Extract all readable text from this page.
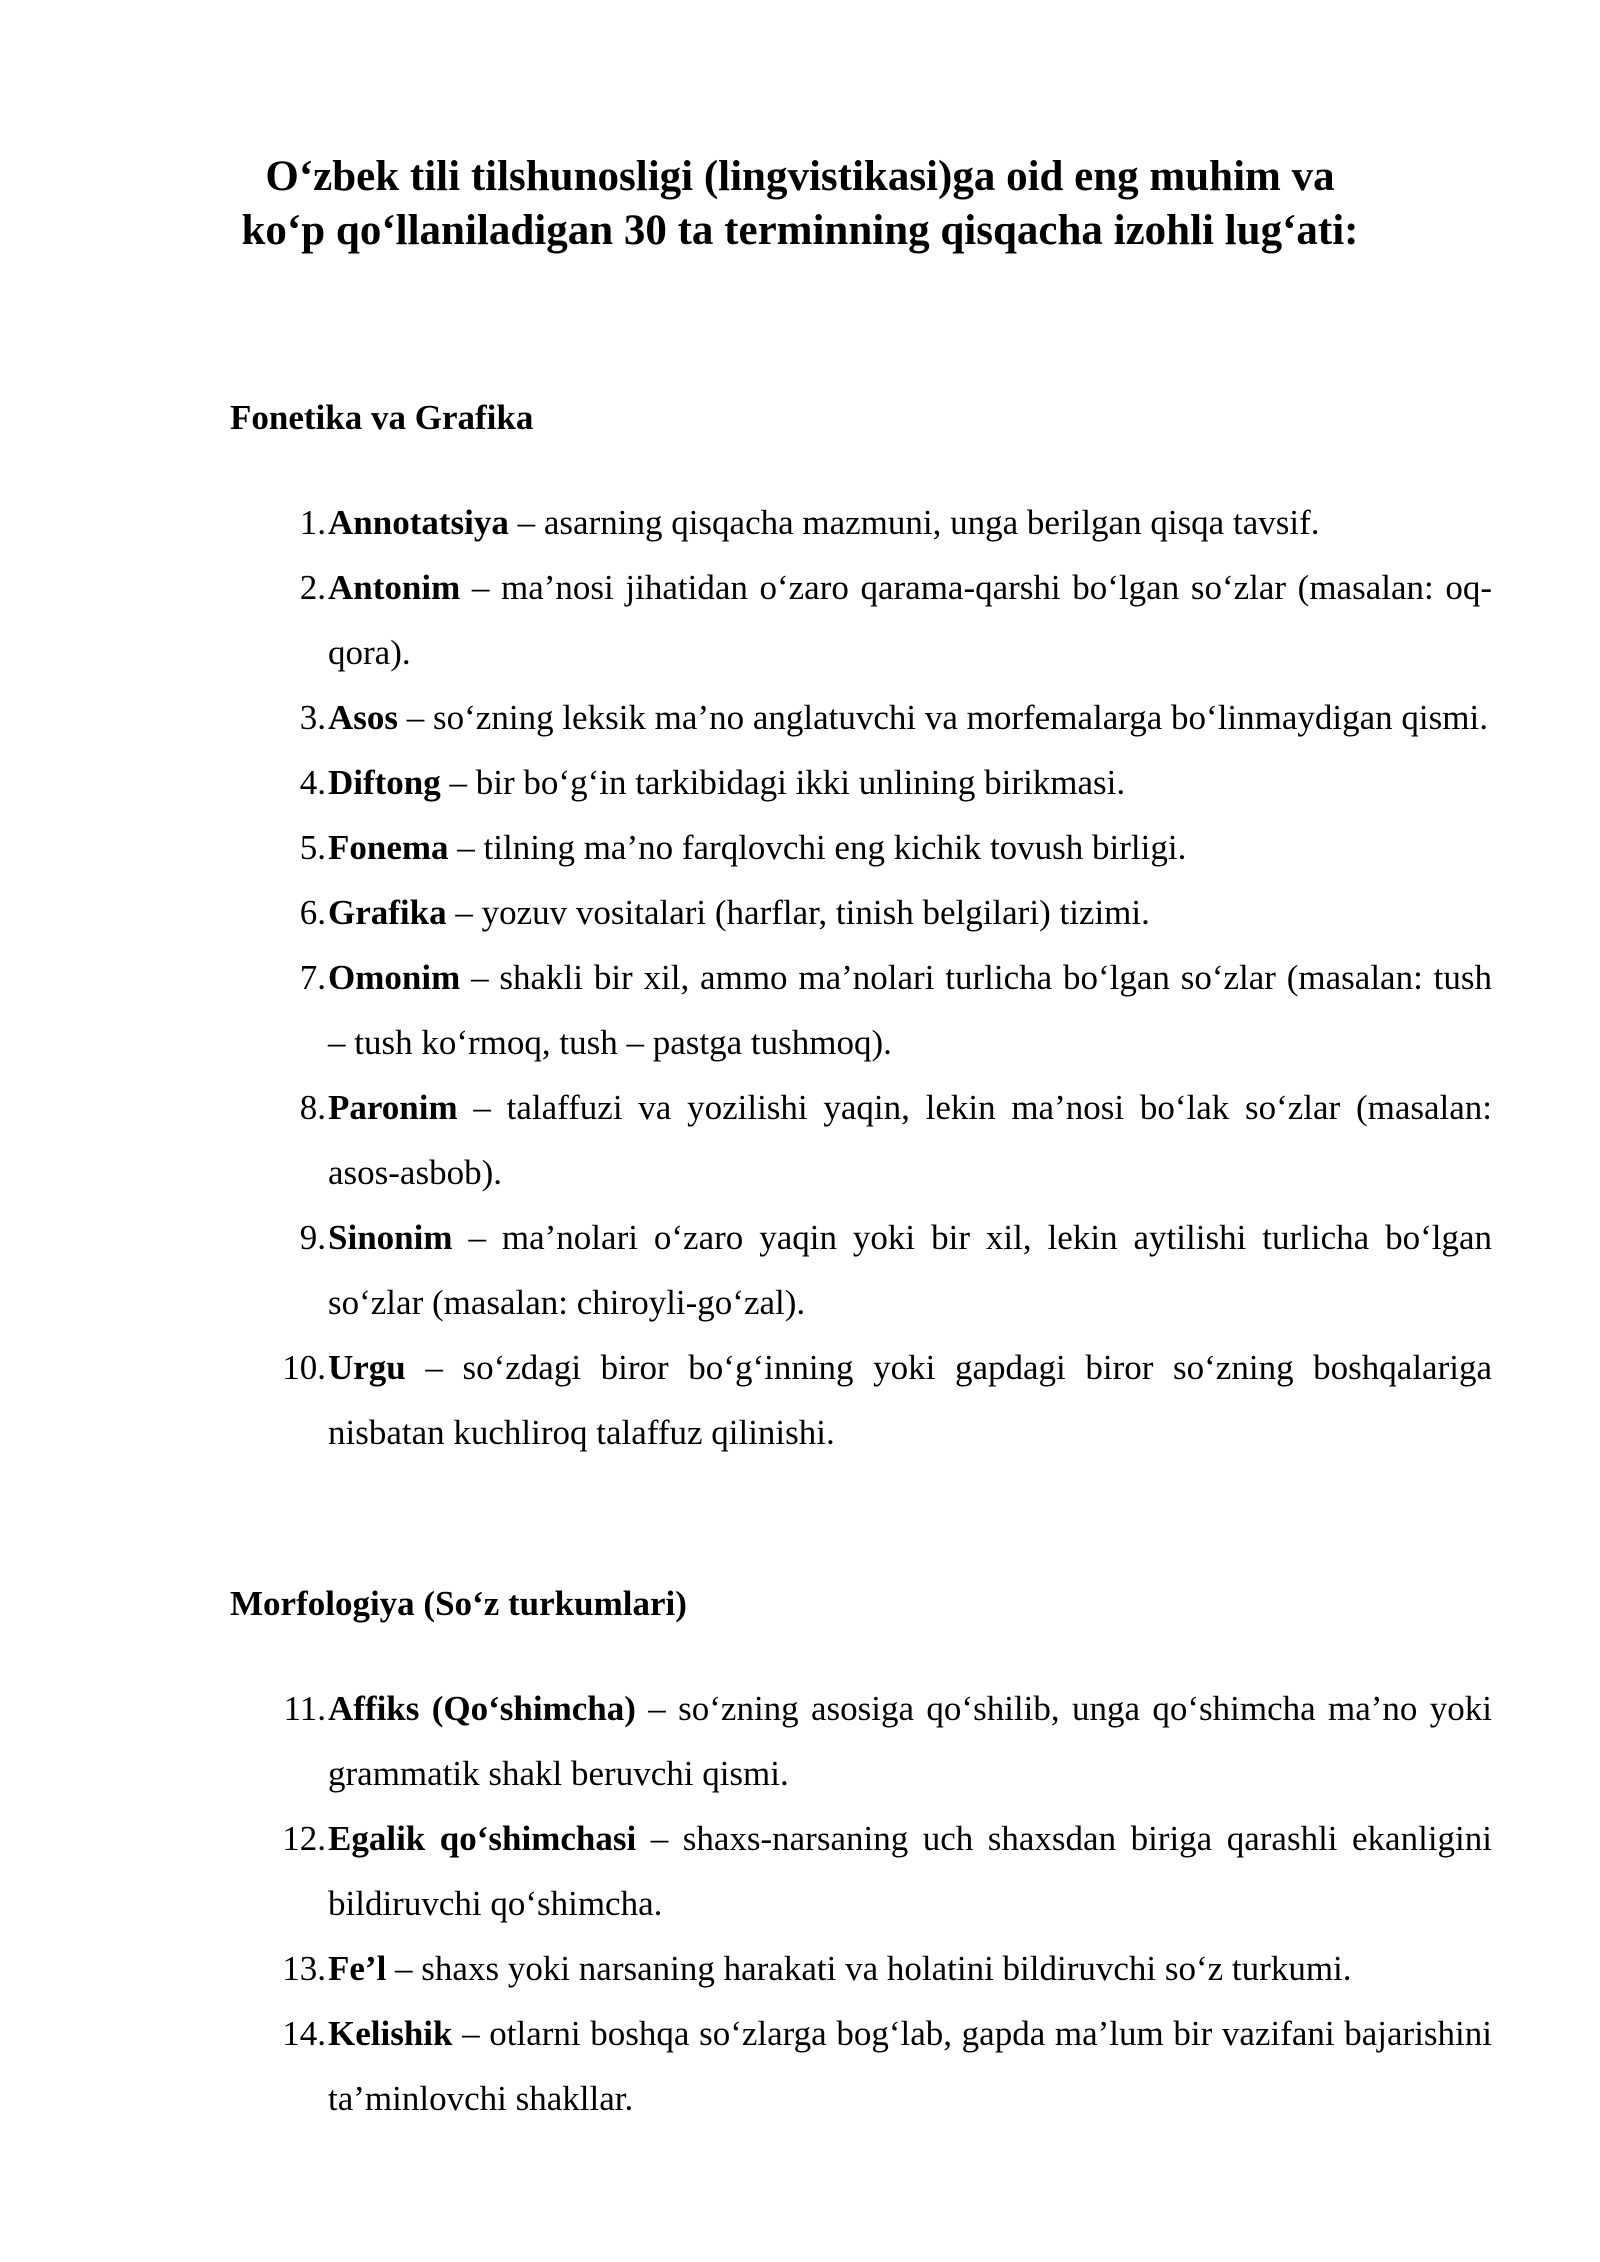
O‘zbek tili tilshunosligi (lingvistikasi)ga oid eng muhim va
ko‘p qo‘llaniladigan 30 ta terminning qisqacha izohli lug‘ati:
Fonetika va Grafika
1. Annotatsiya – asarning qisqacha mazmuni, unga berilgan qisqa tavsif.
2. Antonim – ma’nosi jihatidan o‘zaro qarama-qarshi bo‘lgan so‘zlar (masalan: oq-qora).
3. Asos – so‘zning leksik ma’no anglatuvchi va morfemalarga bo‘linmaydigan qismi.
4. Diftong – bir bo‘g‘in tarkibidagi ikki unlining birikmasi.
5. Fonema – tilning ma’no farqlovchi eng kichik tovush birligi.
6. Grafika – yozuv vositalari (harflar, tinish belgilari) tizimi.
7. Omonim – shakli bir xil, ammo ma’nolari turlicha bo‘lgan so‘zlar (masalan: tush – tush ko‘rmoq, tush – pastga tushmoq).
8. Paronim – talaffuzi va yozilishi yaqin, lekin ma’nosi bo‘lak so‘zlar (masalan: asos-asbob).
9. Sinonim – ma’nolari o‘zaro yaqin yoki bir xil, lekin aytilishi turlicha bo‘lgan so‘zlar (masalan: chiroyli-go‘zal).
10. Urgu – so‘zdagi biror bo‘g‘inning yoki gapdagi biror so‘zning boshqalariga nisbatan kuchliroq talaffuz qilinishi.
Morfologiya (So‘z turkumlari)
11. Affiks (Qo‘shimcha) – so‘zning asosiga qo‘shilib, unga qo‘shimcha ma’no yoki grammatik shakl beruvchi qismi.
12. Egalik qo‘shimchasi – shaxs-narsaning uch shaxsdan biriga qarashli ekanligini bildiruvchi qo‘shimcha.
13. Fe’l – shaxs yoki narsaning harakati va holatini bildiruvchi so‘z turkumi.
14. Kelishik – otlarni boshqa so‘zlarga bog‘lab, gapda ma’lum bir vazifani bajarishini ta’minlovchi shakllar.
